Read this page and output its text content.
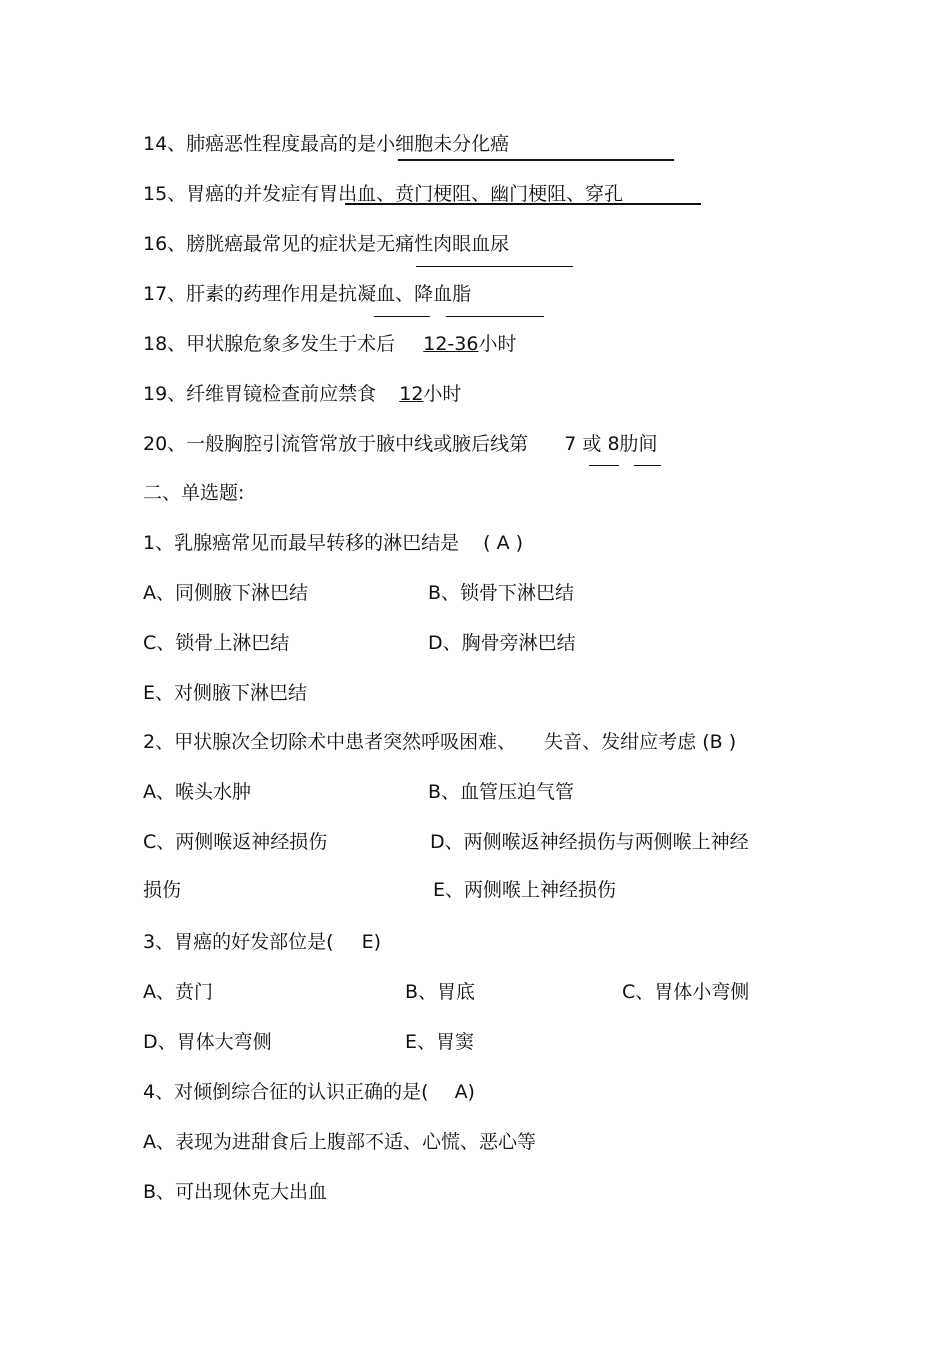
14、肺癌恶性程度最高的是小细胞未分化癌
15、胃癌的并发症有胃出血、贲门梗阻、幽门梗阻、穿孔
16、膀胱癌最常见的症状是无痛性肉眼血尿
17、肝素的药理作用是抗凝血、降血脂
18、甲状腺危象多发生于术后 12-36小时
19、纤维胃镜检查前应禁食 12小时
20、一般胸腔引流管常放于腋中线或腋后线第 7 或 8肋间
二、单选题:
1、乳腺癌常见而最早转移的淋巴结是 ( A )
A、同侧腋下淋巴结	B、锁骨下淋巴结
C、锁骨上淋巴结	D、胸骨旁淋巴结
E、对侧腋下淋巴结
2、甲状腺次全切除术中患者突然呼吸困难、 失音、发绀应考虑 (B )
A、喉头水肿	B、血管压迫气管
C、两侧喉返神经损伤	D、两侧喉返神经损伤与两侧喉上神经
损伤	E、两侧喉上神经损伤
3、胃癌的好发部位是( E)
A、贲门	B、胃底	C、胃体小弯侧
D、胃体大弯侧	E、胃窦
4、对倾倒综合征的认识正确的是( A)
A、表现为进甜食后上腹部不适、心慌、恶心等
B、可出现休克大出血
